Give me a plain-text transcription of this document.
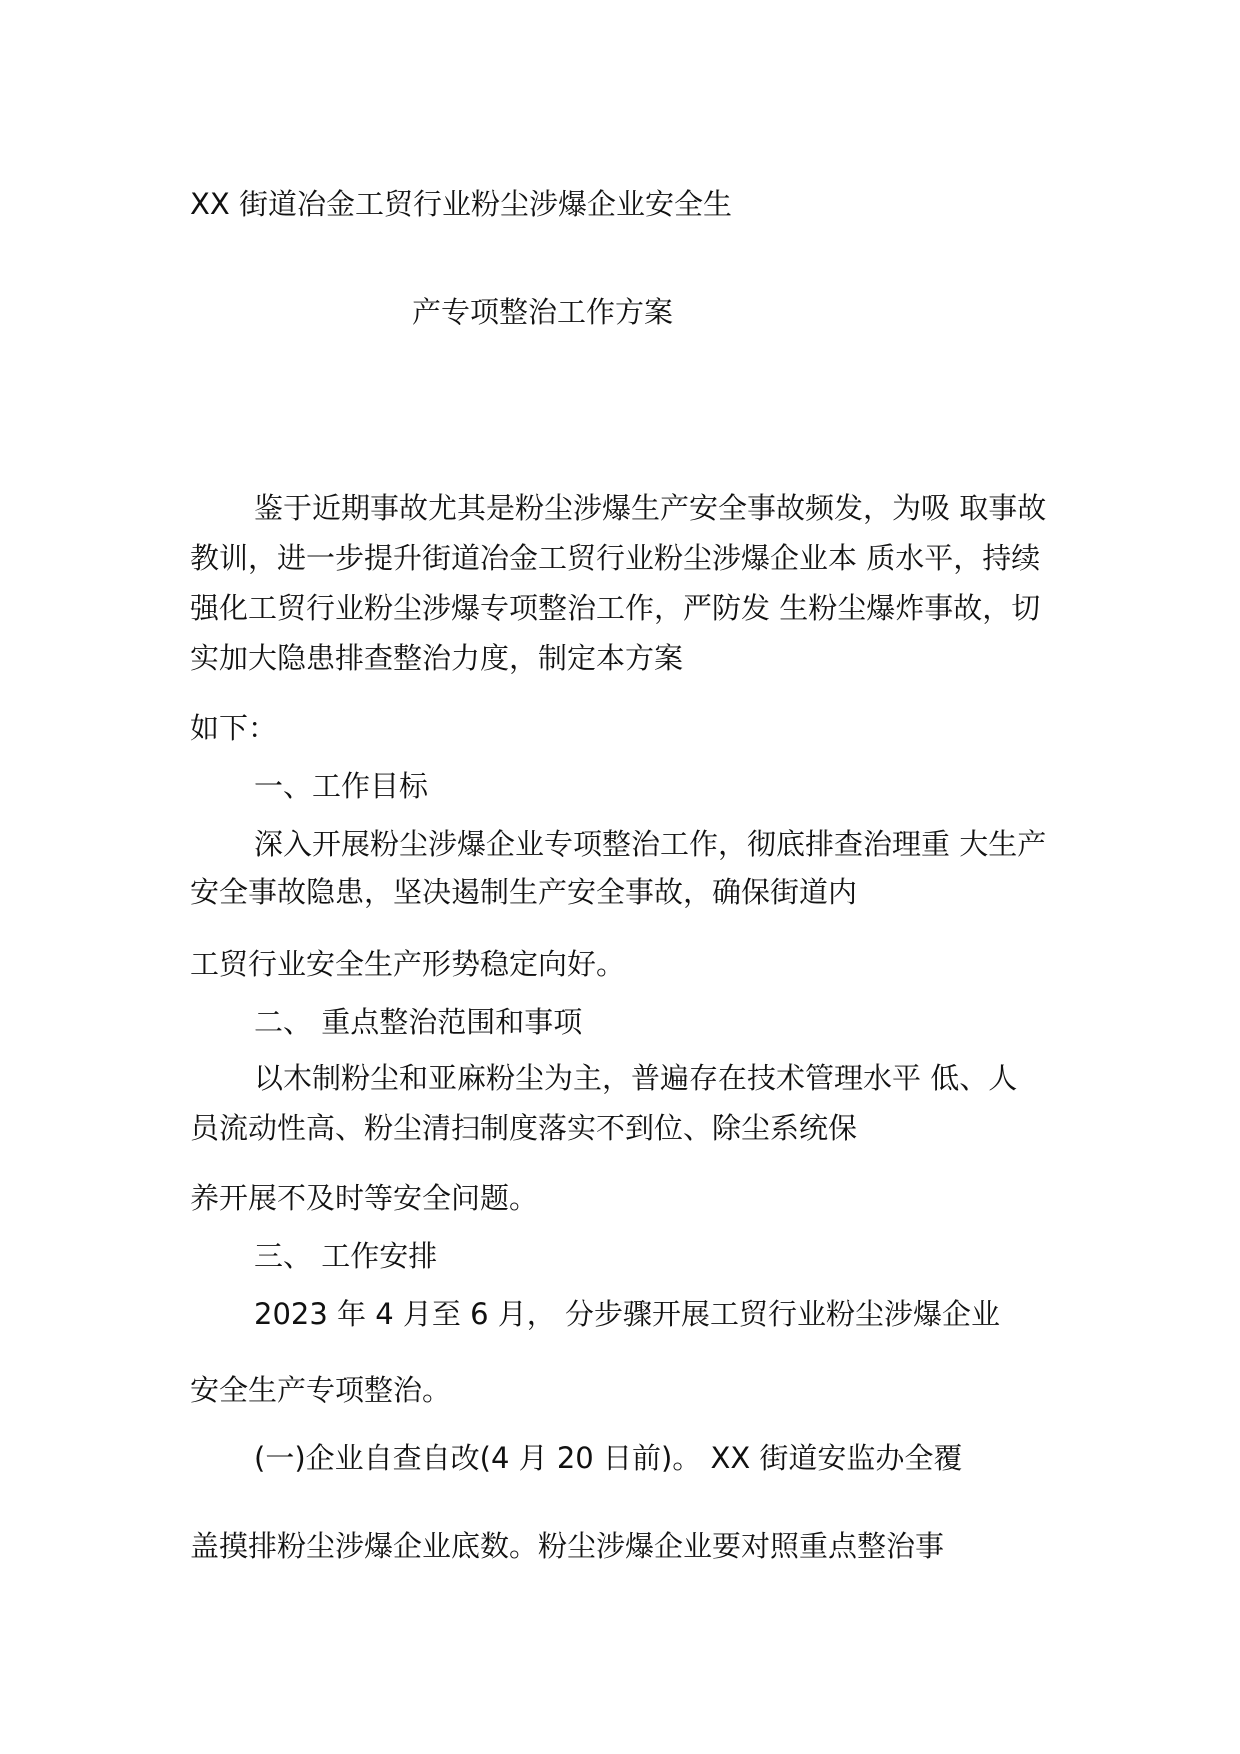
XX 街道冶金工贸行业粉尘涉爆企业安全生
产专项整治工作方案
鉴于近期事故尤其是粉尘涉爆生产安全事故频发，为吸 取事故
教训，进一步提升街道冶金工贸行业粉尘涉爆企业本 质水平，持续
强化工贸行业粉尘涉爆专项整治工作，严防发 生粉尘爆炸事故，切
实加大隐患排查整治力度，制定本方案
如下：
一、工作目标
深入开展粉尘涉爆企业专项整治工作，彻底排查治理重 大生产
安全事故隐患，坚决遏制生产安全事故，确保街道内
工贸行业安全生产形势稳定向好。
二、 重点整治范围和事项
以木制粉尘和亚麻粉尘为主，普遍存在技术管理水平 低、人
员流动性高、粉尘清扫制度落实不到位、除尘系统保
养开展不及时等安全问题。
三、 工作安排
2023 年 4 月至 6 月， 分步骤开展工贸行业粉尘涉爆企业
安全生产专项整治。
(一)企业自查自改(4 月 20 日前)。 XX 街道安监办全覆
盖摸排粉尘涉爆企业底数。粉尘涉爆企业要对照重点整治事
